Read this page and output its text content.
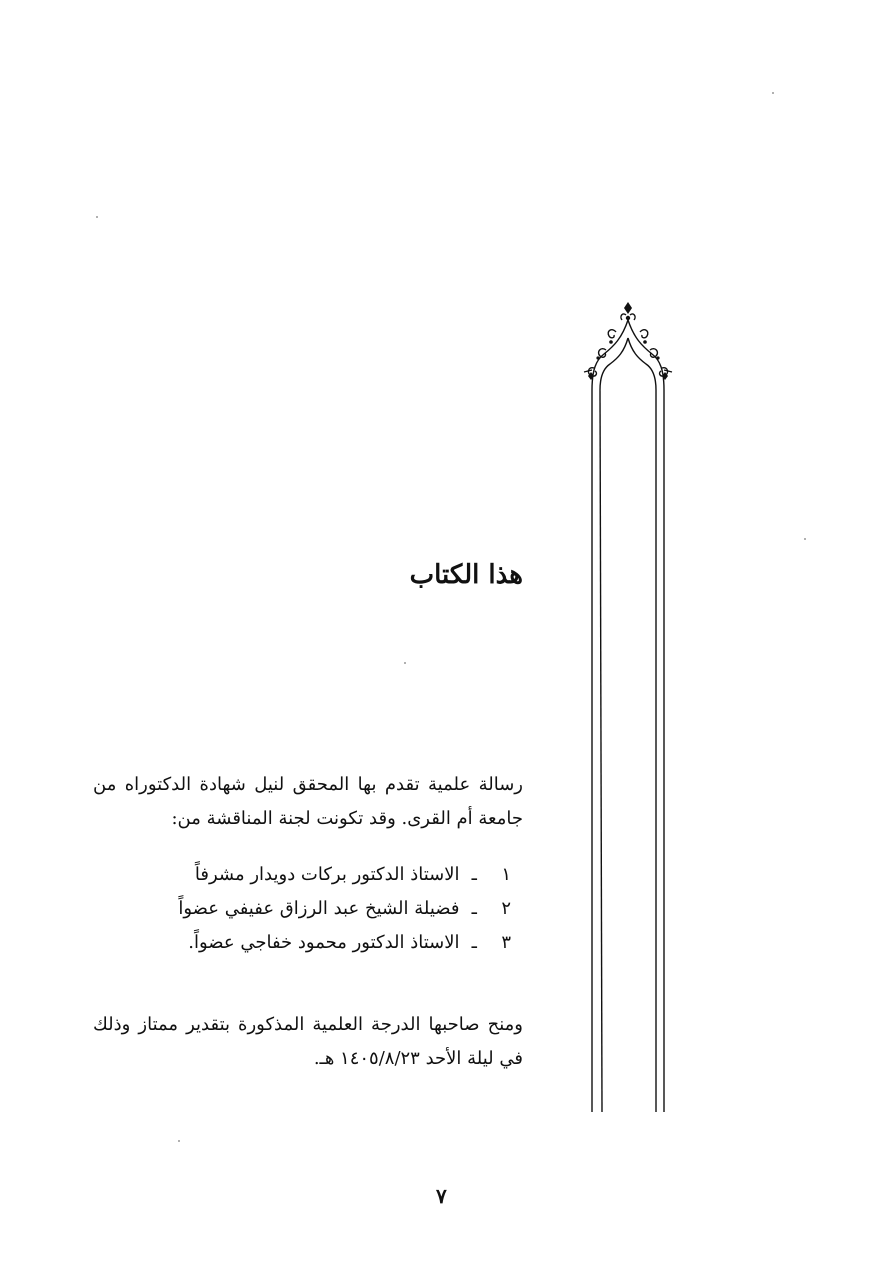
هذا الكتاب

رسالة علمية تقدم بها المحقق لنيل شهادة الدكتوراه من جامعة أم القرى. وقد تكونت لجنة المناقشة من:

١ ـ الاستاذ الدكتور بركات دويدار مشرفاً
٢ ـ فضيلة الشيخ عبد الرزاق عفيفي عضواً
٣ ـ الاستاذ الدكتور محمود خفاجي عضواً.

ومنح صاحبها الدرجة العلمية المذكورة بتقدير ممتاز وذلك في ليلة الأحد ١٤٠٥/٨/٢٣ هـ.

٧
